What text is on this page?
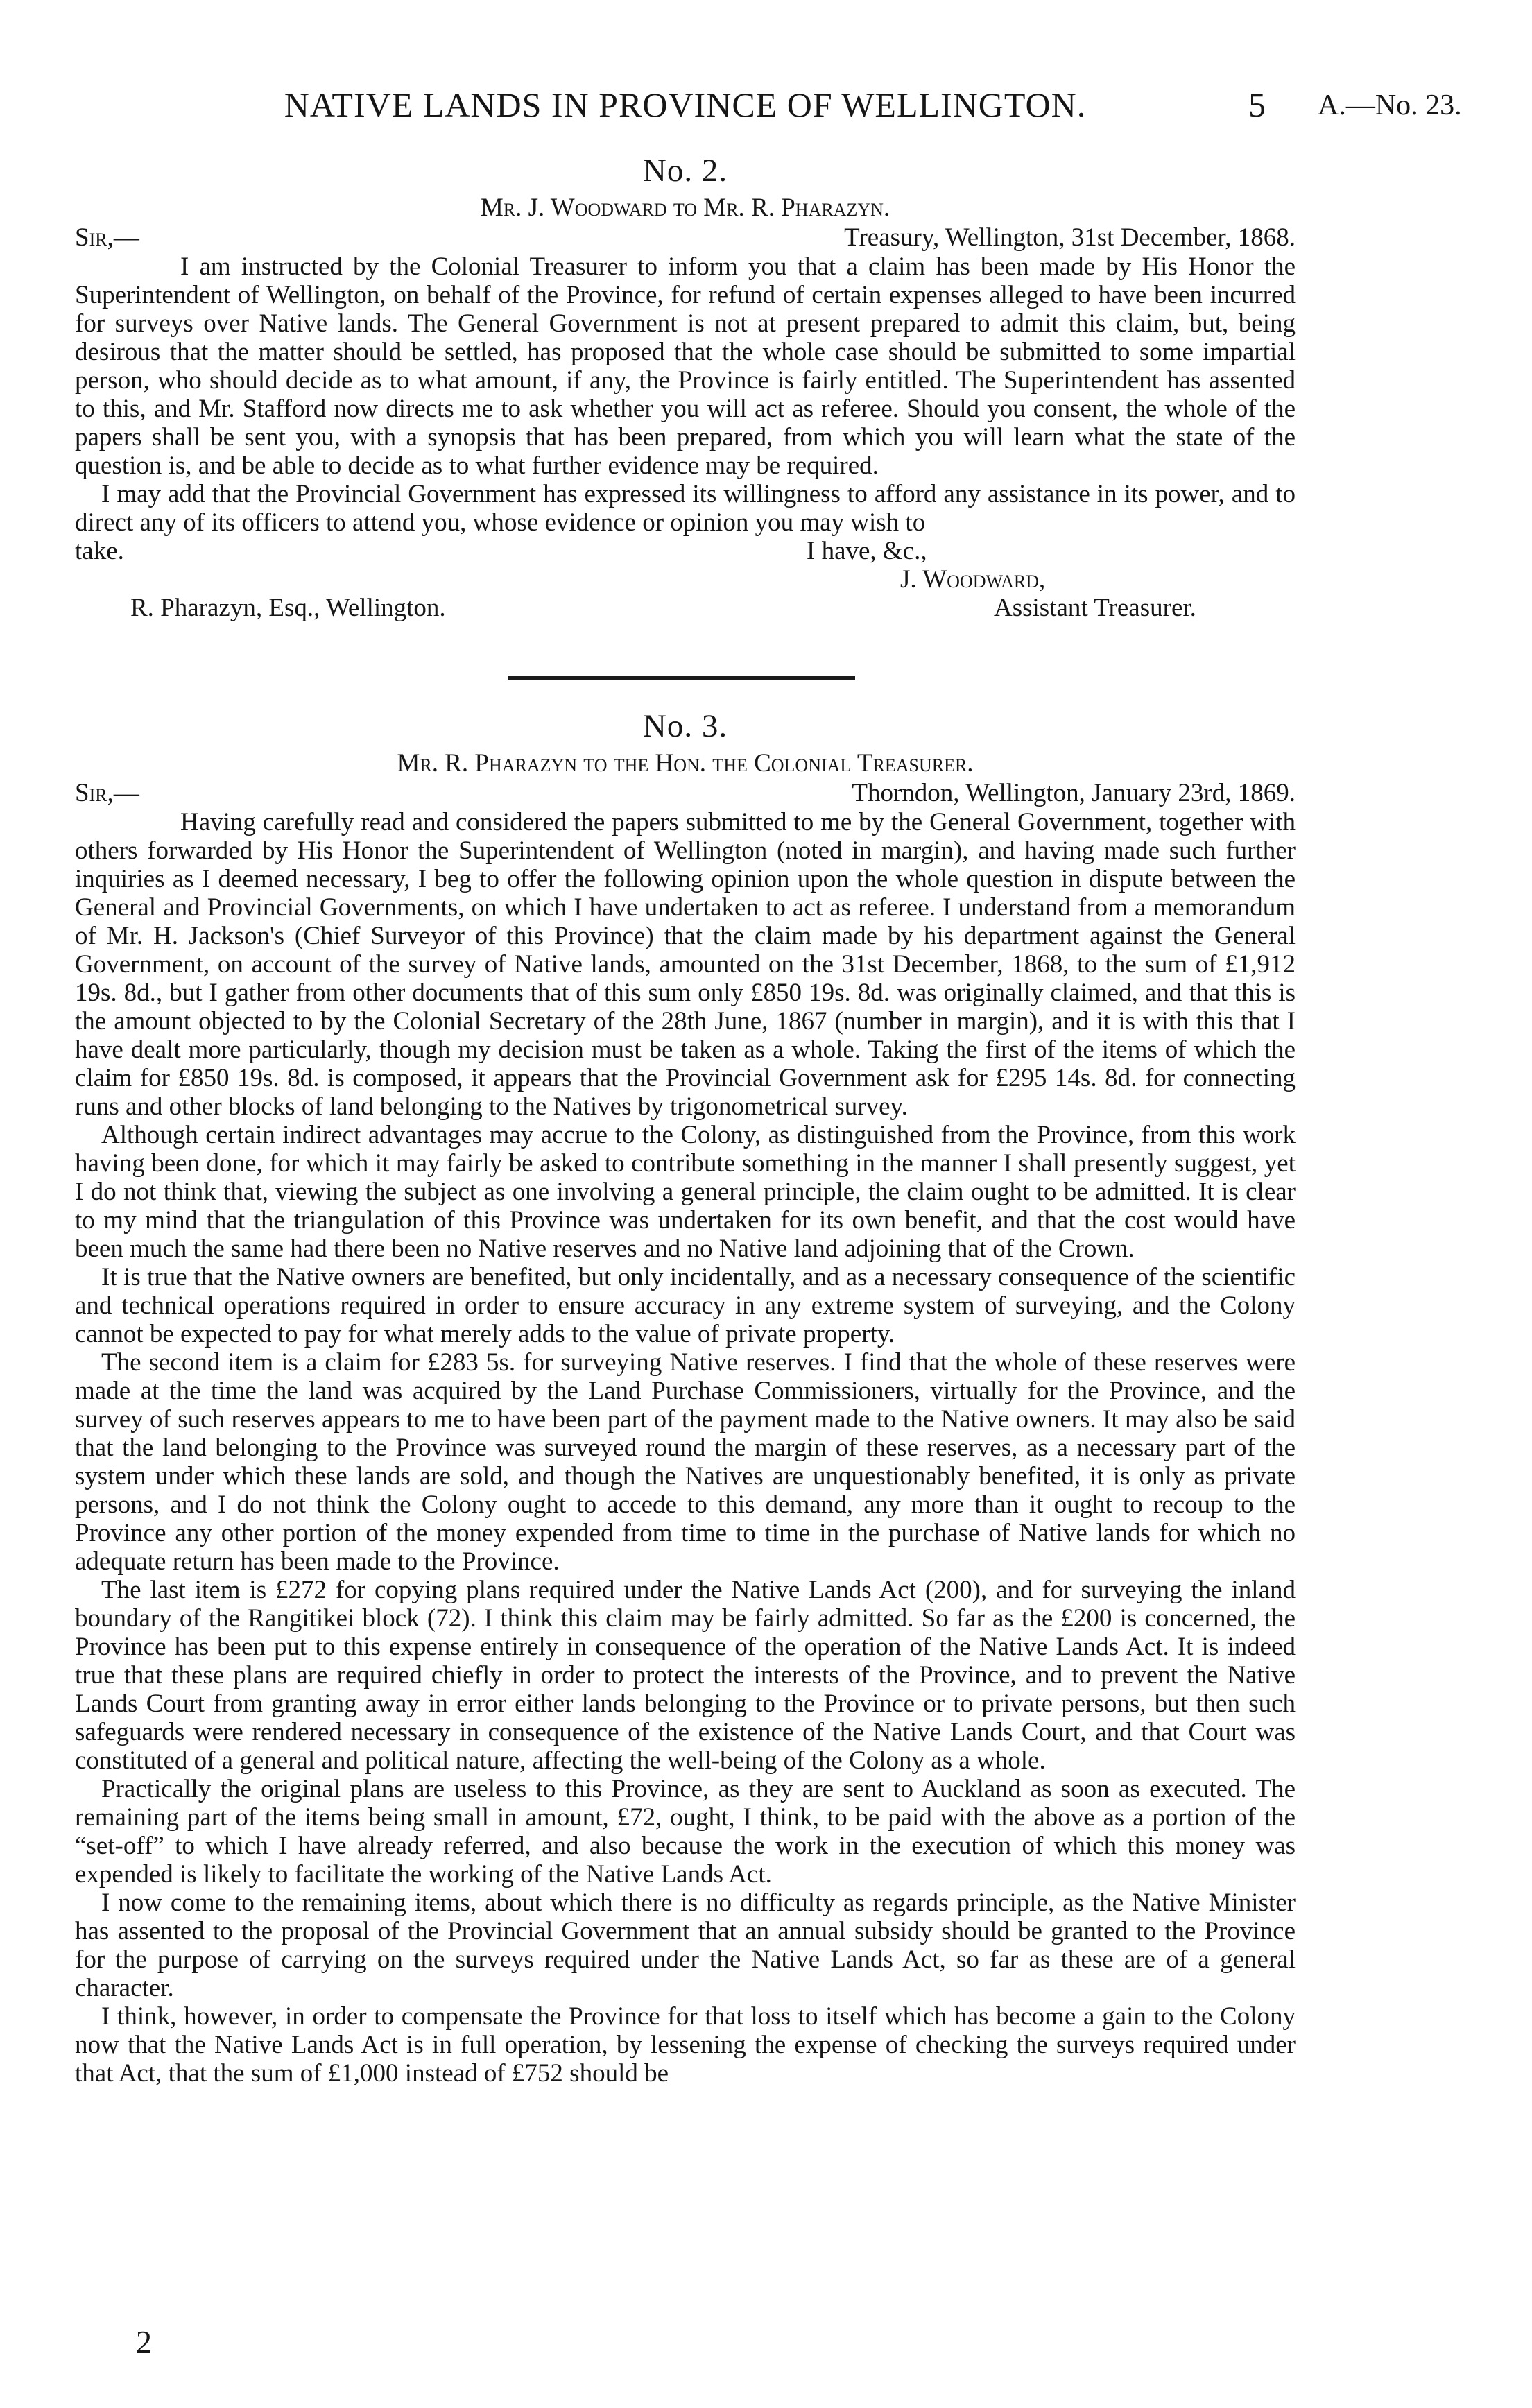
NATIVE LANDS IN PROVINCE OF WELLINGTON.	5 A.—No. 23.
No. 2.
Mr. J. Woodward to Mr. R. Pharazyn.
Sir,—	Treasury, Wellington, 31st December, 1868.

I am instructed by the Colonial Treasurer to inform you that a claim has been made by His Honor the Superintendent of Wellington, on behalf of the Province, for refund of certain expenses alleged to have been incurred for surveys over Native lands. The General Government is not at present prepared to admit this claim, but, being desirous that the matter should be settled, has proposed that the whole case should be submitted to some impartial person, who should decide as to what amount, if any, the Province is fairly entitled. The Superintendent has assented to this, and Mr. Stafford now directs me to ask whether you will act as referee. Should you consent, the whole of the papers shall be sent you, with a synopsis that has been prepared, from which you will learn what the state of the question is, and be able to decide as to what further evidence may be required.

I may add that the Provincial Government has expressed its willingness to afford any assistance in its power, and to direct any of its officers to attend you, whose evidence or opinion you may wish to

take.	I have, &c.,
J. Woodward,
R. Pharazyn, Esq., Wellington.	Assistant Treasurer.
No. 3.
Mr. R. Pharazyn to the Hon. the Colonial Treasurer.
Sir,—	Thorndon, Wellington, January 23rd, 1869.

Having carefully read and considered the papers submitted to me by the General Government, together with others forwarded by His Honor the Superintendent of Wellington (noted in margin), and having made such further inquiries as I deemed necessary, I beg to offer the following opinion upon the whole question in dispute between the General and Provincial Governments, on which I have undertaken to act as referee. I understand from a memorandum of Mr. H. Jackson's (Chief Surveyor of this Province) that the claim made by his department against the General Government, on account of the survey of Native lands, amounted on the 31st December, 1868, to the sum of £1,912 19s. 8d., but I gather from other documents that of this sum only £850 19s. 8d. was originally claimed, and that this is the amount objected to by the Colonial Secretary of the 28th June, 1867 (number in margin), and it is with this that I have dealt more particularly, though my decision must be taken as a whole. Taking the first of the items of which the claim for £850 19s. 8d. is composed, it appears that the Provincial Government ask for £295 14s. 8d. for connecting runs and other blocks of land belonging to the Natives by trigonometrical survey.

Although certain indirect advantages may accrue to the Colony, as distinguished from the Province, from this work having been done, for which it may fairly be asked to contribute something in the manner I shall presently suggest, yet I do not think that, viewing the subject as one involving a general principle, the claim ought to be admitted. It is clear to my mind that the triangulation of this Province was undertaken for its own benefit, and that the cost would have been much the same had there been no Native reserves and no Native land adjoining that of the Crown.

It is true that the Native owners are benefited, but only incidentally, and as a necessary consequence of the scientific and technical operations required in order to ensure accuracy in any extreme system of surveying, and the Colony cannot be expected to pay for what merely adds to the value of private property.

The second item is a claim for £283 5s. for surveying Native reserves. I find that the whole of these reserves were made at the time the land was acquired by the Land Purchase Commissioners, virtually for the Province, and the survey of such reserves appears to me to have been part of the payment made to the Native owners. It may also be said that the land belonging to the Province was surveyed round the margin of these reserves, as a necessary part of the system under which these lands are sold, and though the Natives are unquestionably benefited, it is only as private persons, and I do not think the Colony ought to accede to this demand, any more than it ought to recoup to the Province any other portion of the money expended from time to time in the purchase of Native lands for which no adequate return has been made to the Province.

The last item is £272 for copying plans required under the Native Lands Act (200), and for surveying the inland boundary of the Rangitikei block (72). I think this claim may be fairly admitted. So far as the £200 is concerned, the Province has been put to this expense entirely in consequence of the operation of the Native Lands Act. It is indeed true that these plans are required chiefly in order to protect the interests of the Province, and to prevent the Native Lands Court from granting away in error either lands belonging to the Province or to private persons, but then such safeguards were rendered necessary in consequence of the existence of the Native Lands Court, and that Court was constituted of a general and political nature, affecting the well-being of the Colony as a whole.

Practically the original plans are useless to this Province, as they are sent to Auckland as soon as executed. The remaining part of the items being small in amount, £72, ought, I think, to be paid with the above as a portion of the “set-off” to which I have already referred, and also because the work in the execution of which this money was expended is likely to facilitate the working of the Native Lands Act.

I now come to the remaining items, about which there is no difficulty as regards principle, as the Native Minister has assented to the proposal of the Provincial Government that an annual subsidy should be granted to the Province for the purpose of carrying on the surveys required under the Native Lands Act, so far as these are of a general character.

I think, however, in order to compensate the Province for that loss to itself which has become a gain to the Colony now that the Native Lands Act is in full operation, by lessening the expense of checking the surveys required under that Act, that the sum of £1,000 instead of £752 should be

2
